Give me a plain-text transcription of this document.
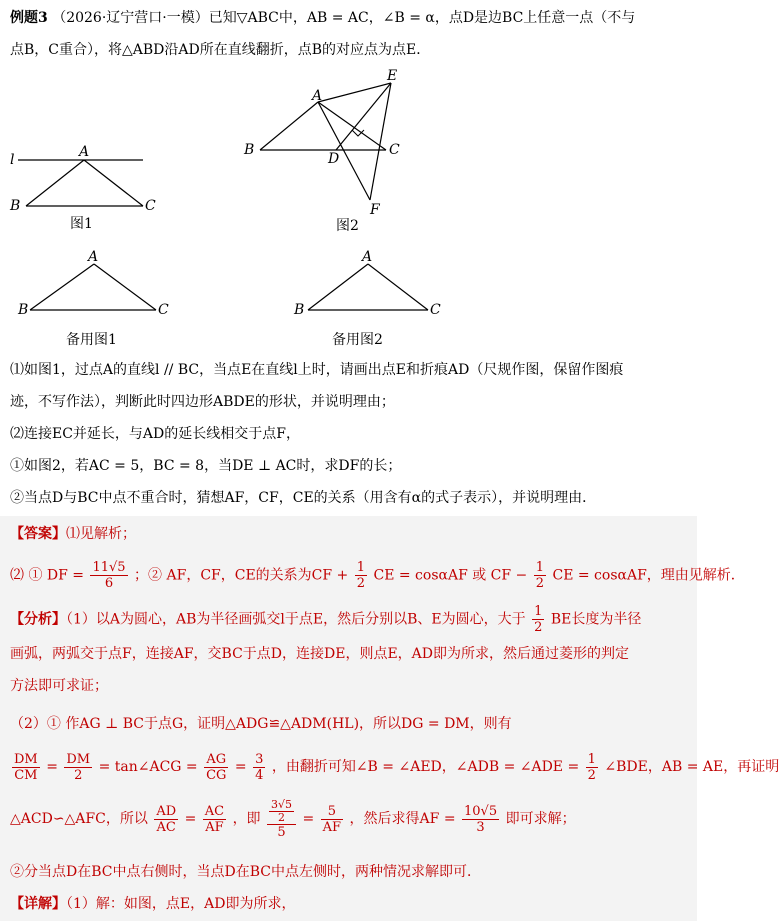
例题3 （2026·辽宁营口·一模）已知▽ABC中，AB = AC，∠B = α，点D是边BC上任意一点（不与
点B，C重合），将△ABD沿AD所在直线翻折，点B的对应点为点E．
l	A
B	C
图1
E
A
B
D
C
F
图2
A
B	C
备用图1
A
B	C
备用图2
⑴如图1，过点A的直线l // BC，当点E在直线l上时，请画出点E和折痕AD（尺规作图，保留作图痕
迹，不写作法），判断此时四边形ABDE的形状，并说明理由；
⑵连接EC并延长，与AD的延长线相交于点F，
①如图2，若AC = 5，BC = 8，当DE ⊥ AC时，求DF的长；
②当点D与BC中点不重合时，猜想AF，CF，CE的关系（用含有α的式子表示），并说明理由．
【答案】⑴见解析；
⑵ ① DF = $\frac{11√5}{6}$ ；② AF，CF，CE的关系为CF + $\frac{1}{2}$ CE = cosαAF 或 CF − $\frac{1}{2}$ CE = cosαAF，理由见解析．
【分析】（1）以A为圆心，AB为半径画弧交l于点E，然后分别以B、E为圆心，大于 $\frac{1}{2}$ BE长度为半径
画弧，两弧交于点F，连接AF，交BC于点D，连接DE，则点E，AD即为所求，然后通过菱形的判定
方法即可求证；
（2）① 作AG ⊥ BC于点G，证明△ADG≌△ADM(HL)，所以DG = DM，则有
$\frac{DM}{CM} = \frac{DM}{2}$ = tan∠ACG = $\frac{AG}{CG} = \frac{3}{4}$ ，由翻折可知∠B = ∠AED，∠ADB = ∠ADE = $\frac{1}{2}$ ∠BDE，AB = AE，再证明
△ACD∽△AFC，所以 $\frac{AD}{AC} = \frac{AC}{AF}$ ，即 $\frac{\frac{3√5}{2}}{5} = \frac{5}{AF}$ ，然后求得AF = $\frac{10√5}{3}$ 即可求解；
②分当点D在BC中点右侧时，当点D在BC中点左侧时，两种情况求解即可．
【详解】（1）解：如图，点E，AD即为所求，
